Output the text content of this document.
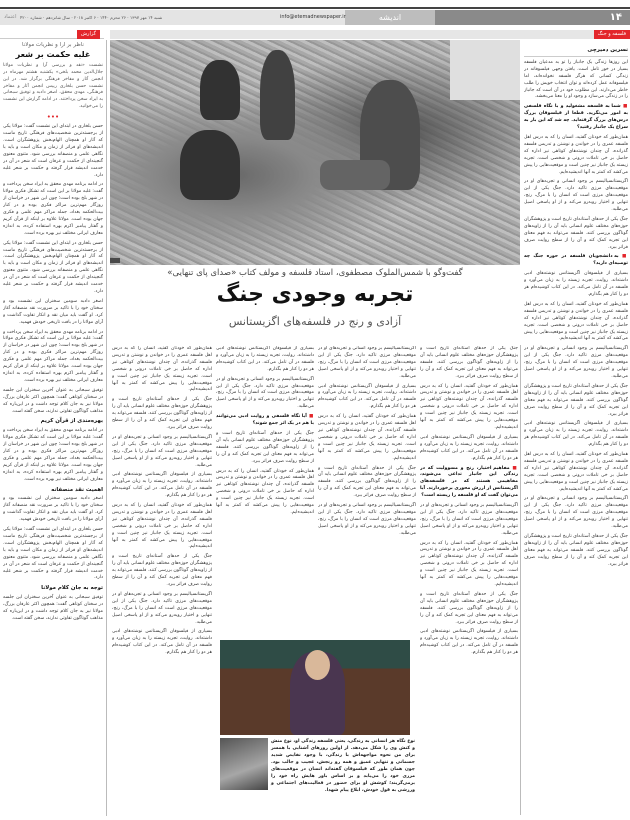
۱۴
اندیشه
info@etemadnewspaper.ir
شنبه ۱۴ مهر ۱۳۹۷ · ۲۶ محرم ۱۴۴۰ · ۶ اکتبر ۲۰۱۸ · سال شانزدهم · شماره ۴۲۰۰
اعتماد
فلسفه و جنگ
گزارش
گفت‌وگو با شمس‌الملوک مصطفوی، استاد فلسفه و مولف کتاب «صدای پای تنهایی»
تجربه وجودی جنگ
آزادی و رنج در فلسفه‌های اگزیستانس

نسرین دمیرچی

این روزها زندگی یک جانباز را تو به مدعیان فلسفه بسیار در خور تامل است. یافتن وجهی فیلسوفانه در زندگی کسانی که هرگز فلسفه نخوانده‌اند، اما فیلسوفانه عمل کرده‌اند و توان انتخاب خویش را طلب خاطر می‌دارند. این مطلوب خود در آن است که جانباز را در زندگی می‌سازد و وجود او را معنا می‌بخشد.

■ شما به فلسفه مشغولید و با نگاه فلسفی به امور می‌نگرید. قطعا از فیلسوفان بزرگ درس‌های بزرگ گرفته‌اید. چه شد که این بار به سراغ یک جانباز رفتید؟

همان‌طور که خودتان گفتید، انسان را که به درس اهل فلسفه عمری را در خواندن و نوشتن و تدریس فلسفه گذرانده، آن چندان نوشته‌های کوتاهی نیز اداره که حاصل بر خی تاملات درونی و شخصی است. تجربه زیسته یک جانباز نیز چنین است و موقعیت‌هایی را پیش می‌کشد که کمتر به آنها اندیشیده‌ایم.

اگزیستانسیالیسم بر وجود انسانی و تجربه‌های او در موقعیت‌های مرزی تاکید دارد. جنگ یکی از این موقعیت‌های مرزی است که انسان را با مرگ، رنج، تنهایی و اختیار روبه‌رو می‌کند و از او پاسخی اصیل می‌طلبد.

جنگ یکی از حدهای آستانه‌ای تاریخ است و پژوهشگران حوزه‌های مختلف علوم انسانی باید آن را از زاویه‌های گوناگون بررسی کنند. فلسفه می‌تواند به فهم معنای این تجربه کمک کند و آن را از سطح روایت صرف فراتر ببرد.

■ به دانشجویان فلسفه در حوزه جنگ چه توصیه‌ای دارید؟

بسیاری از فیلسوفان اگزیستانس نوشته‌های ادبی داشته‌اند. روایت، تجربه زیسته را به زبان می‌آورد و فلسفه در آن تامل می‌کند. در این کتاب کوشیده‌ام هر دو را کنار هم بگذارم.

همان‌طور که خودتان گفتید، انسان را که به درس اهل فلسفه عمری را در خواندن و نوشتن و تدریس فلسفه گذرانده، آن چندان نوشته‌های کوتاهی نیز اداره که حاصل بر خی تاملات درونی و شخصی است. تجربه زیسته یک جانباز نیز چنین است و موقعیت‌هایی را پیش می‌کشد که کمتر به آنها اندیشیده‌ایم.

اگزیستانسیالیسم بر وجود انسانی و تجربه‌های او در موقعیت‌های مرزی تاکید دارد. جنگ یکی از این موقعیت‌های مرزی است که انسان را با مرگ، رنج، تنهایی و اختیار روبه‌رو می‌کند و از او پاسخی اصیل می‌طلبد.

جنگ یکی از حدهای آستانه‌ای تاریخ است و پژوهشگران حوزه‌های مختلف علوم انسانی باید آن را از زاویه‌های گوناگون بررسی کنند. فلسفه می‌تواند به فهم معنای این تجربه کمک کند و آن را از سطح روایت صرف فراتر ببرد.

بسیاری از فیلسوفان اگزیستانس نوشته‌های ادبی داشته‌اند. روایت، تجربه زیسته را به زبان می‌آورد و فلسفه در آن تامل می‌کند. در این کتاب کوشیده‌ام هر دو را کنار هم بگذارم.

همان‌طور که خودتان گفتید، انسان را که به درس اهل فلسفه عمری را در خواندن و نوشتن و تدریس فلسفه گذرانده، آن چندان نوشته‌های کوتاهی نیز اداره که حاصل بر خی تاملات درونی و شخصی است. تجربه زیسته یک جانباز نیز چنین است و موقعیت‌هایی را پیش می‌کشد که کمتر به آنها اندیشیده‌ایم.

اگزیستانسیالیسم بر وجود انسانی و تجربه‌های او در موقعیت‌های مرزی تاکید دارد. جنگ یکی از این موقعیت‌های مرزی است که انسان را با مرگ، رنج، تنهایی و اختیار روبه‌رو می‌کند و از او پاسخی اصیل می‌طلبد.

جنگ یکی از حدهای آستانه‌ای تاریخ است و پژوهشگران حوزه‌های مختلف علوم انسانی باید آن را از زاویه‌های گوناگون بررسی کنند. فلسفه می‌تواند به فهم معنای این تجربه کمک کند و آن را از سطح روایت صرف فراتر ببرد.

جنگ یکی از حدهای آستانه‌ای تاریخ است و پژوهشگران حوزه‌های مختلف علوم انسانی باید آن را از زاویه‌های گوناگون بررسی کنند. فلسفه می‌تواند به فهم معنای این تجربه کمک کند و آن را از سطح روایت صرف فراتر ببرد.

همان‌طور که خودتان گفتید، انسان را که به درس اهل فلسفه عمری را در خواندن و نوشتن و تدریس فلسفه گذرانده، آن چندان نوشته‌های کوتاهی نیز اداره که حاصل بر خی تاملات درونی و شخصی است. تجربه زیسته یک جانباز نیز چنین است و موقعیت‌هایی را پیش می‌کشد که کمتر به آنها اندیشیده‌ایم.

بسیاری از فیلسوفان اگزیستانس نوشته‌های ادبی داشته‌اند. روایت، تجربه زیسته را به زبان می‌آورد و فلسفه در آن تامل می‌کند. در این کتاب کوشیده‌ام هر دو را کنار هم بگذارم.

■ مفاهیم اختیار، رنج و مسوولیت که در زندگی این جانباز تداعی می‌شوند، مفاهیمی هستند که در فلسفه‌های اگزیستانس از ارزش محوری برخوردارند. آیا می‌توان گفت که او فلسفه را زیسته است؟

اگزیستانسیالیسم بر وجود انسانی و تجربه‌های او در موقعیت‌های مرزی تاکید دارد. جنگ یکی از این موقعیت‌های مرزی است که انسان را با مرگ، رنج، تنهایی و اختیار روبه‌رو می‌کند و از او پاسخی اصیل می‌طلبد.

همان‌طور که خودتان گفتید، انسان را که به درس اهل فلسفه عمری را در خواندن و نوشتن و تدریس فلسفه گذرانده، آن چندان نوشته‌های کوتاهی نیز اداره که حاصل بر خی تاملات درونی و شخصی است. تجربه زیسته یک جانباز نیز چنین است و موقعیت‌هایی را پیش می‌کشد که کمتر به آنها اندیشیده‌ایم.

جنگ یکی از حدهای آستانه‌ای تاریخ است و پژوهشگران حوزه‌های مختلف علوم انسانی باید آن را از زاویه‌های گوناگون بررسی کنند. فلسفه می‌تواند به فهم معنای این تجربه کمک کند و آن را از سطح روایت صرف فراتر ببرد.

بسیاری از فیلسوفان اگزیستانس نوشته‌های ادبی داشته‌اند. روایت، تجربه زیسته را به زبان می‌آورد و فلسفه در آن تامل می‌کند. در این کتاب کوشیده‌ام هر دو را کنار هم بگذارم.

اگزیستانسیالیسم بر وجود انسانی و تجربه‌های او در موقعیت‌های مرزی تاکید دارد. جنگ یکی از این موقعیت‌های مرزی است که انسان را با مرگ، رنج، تنهایی و اختیار روبه‌رو می‌کند و از او پاسخی اصیل می‌طلبد.

بسیاری از فیلسوفان اگزیستانس نوشته‌های ادبی داشته‌اند. روایت، تجربه زیسته را به زبان می‌آورد و فلسفه در آن تامل می‌کند. در این کتاب کوشیده‌ام هر دو را کنار هم بگذارم.

همان‌طور که خودتان گفتید، انسان را که به درس اهل فلسفه عمری را در خواندن و نوشتن و تدریس فلسفه گذرانده، آن چندان نوشته‌های کوتاهی نیز اداره که حاصل بر خی تاملات درونی و شخصی است. تجربه زیسته یک جانباز نیز چنین است و موقعیت‌هایی را پیش می‌کشد که کمتر به آنها اندیشیده‌ایم.

جنگ یکی از حدهای آستانه‌ای تاریخ است و پژوهشگران حوزه‌های مختلف علوم انسانی باید آن را از زاویه‌های گوناگون بررسی کنند. فلسفه می‌تواند به فهم معنای این تجربه کمک کند و آن را از سطح روایت صرف فراتر ببرد.

اگزیستانسیالیسم بر وجود انسانی و تجربه‌های او در موقعیت‌های مرزی تاکید دارد. جنگ یکی از این موقعیت‌های مرزی است که انسان را با مرگ، رنج، تنهایی و اختیار روبه‌رو می‌کند و از او پاسخی اصیل می‌طلبد.

بسیاری از فیلسوفان اگزیستانس نوشته‌های ادبی داشته‌اند. روایت، تجربه زیسته را به زبان می‌آورد و فلسفه در آن تامل می‌کند. در این کتاب کوشیده‌ام هر دو را کنار هم بگذارم.

اگزیستانسیالیسم بر وجود انسانی و تجربه‌های او در موقعیت‌های مرزی تاکید دارد. جنگ یکی از این موقعیت‌های مرزی است که انسان را با مرگ، رنج، تنهایی و اختیار روبه‌رو می‌کند و از او پاسخی اصیل می‌طلبد.

■ آیا نگاه فلسفی و روایت ادبی می‌توانند با هم در یک اثر جمع شوند؟

جنگ یکی از حدهای آستانه‌ای تاریخ است و پژوهشگران حوزه‌های مختلف علوم انسانی باید آن را از زاویه‌های گوناگون بررسی کنند. فلسفه می‌تواند به فهم معنای این تجربه کمک کند و آن را از سطح روایت صرف فراتر ببرد.

همان‌طور که خودتان گفتید، انسان را که به درس اهل فلسفه عمری را در خواندن و نوشتن و تدریس فلسفه گذرانده، آن چندان نوشته‌های کوتاهی نیز اداره که حاصل بر خی تاملات درونی و شخصی است. تجربه زیسته یک جانباز نیز چنین است و موقعیت‌هایی را پیش می‌کشد که کمتر به آنها اندیشیده‌ایم.

همان‌طور که خودتان گفتید، انسان را که به درس اهل فلسفه عمری را در خواندن و نوشتن و تدریس فلسفه گذرانده، آن چندان نوشته‌های کوتاهی نیز اداره که حاصل بر خی تاملات درونی و شخصی است. تجربه زیسته یک جانباز نیز چنین است و موقعیت‌هایی را پیش می‌کشد که کمتر به آنها اندیشیده‌ایم.

جنگ یکی از حدهای آستانه‌ای تاریخ است و پژوهشگران حوزه‌های مختلف علوم انسانی باید آن را از زاویه‌های گوناگون بررسی کنند. فلسفه می‌تواند به فهم معنای این تجربه کمک کند و آن را از سطح روایت صرف فراتر ببرد.

اگزیستانسیالیسم بر وجود انسانی و تجربه‌های او در موقعیت‌های مرزی تاکید دارد. جنگ یکی از این موقعیت‌های مرزی است که انسان را با مرگ، رنج، تنهایی و اختیار روبه‌رو می‌کند و از او پاسخی اصیل می‌طلبد.

بسیاری از فیلسوفان اگزیستانس نوشته‌های ادبی داشته‌اند. روایت، تجربه زیسته را به زبان می‌آورد و فلسفه در آن تامل می‌کند. در این کتاب کوشیده‌ام هر دو را کنار هم بگذارم.

همان‌طور که خودتان گفتید، انسان را که به درس اهل فلسفه عمری را در خواندن و نوشتن و تدریس فلسفه گذرانده، آن چندان نوشته‌های کوتاهی نیز اداره که حاصل بر خی تاملات درونی و شخصی است. تجربه زیسته یک جانباز نیز چنین است و موقعیت‌هایی را پیش می‌کشد که کمتر به آنها اندیشیده‌ایم.

جنگ یکی از حدهای آستانه‌ای تاریخ است و پژوهشگران حوزه‌های مختلف علوم انسانی باید آن را از زاویه‌های گوناگون بررسی کنند. فلسفه می‌تواند به فهم معنای این تجربه کمک کند و آن را از سطح روایت صرف فراتر ببرد.

اگزیستانسیالیسم بر وجود انسانی و تجربه‌های او در موقعیت‌های مرزی تاکید دارد. جنگ یکی از این موقعیت‌های مرزی است که انسان را با مرگ، رنج، تنهایی و اختیار روبه‌رو می‌کند و از او پاسخی اصیل می‌طلبد.

بسیاری از فیلسوفان اگزیستانس نوشته‌های ادبی داشته‌اند. روایت، تجربه زیسته را به زبان می‌آورد و فلسفه در آن تامل می‌کند. در این کتاب کوشیده‌ام هر دو را کنار هم بگذارم.

نوع نگاه هر انسانی به زندگی، یعنی فلسفه زندگی او، نوع منش و کنش وی را شکل می‌دهد. از اولین روزهای آشنایی با همسر برای من نحوه مواجهه‌اش با زندگی، با وجود نقایص شدید جسمانی و تنهایی عمیق و همه رو رنجش، عجیب و جالب بود. چون همان طور که فیلسوفان گفته‌اند انسان در موقعیت‌های مرزی خود را می‌یابد و بر اساس باور هایش راه خود را برمی‌گزیند؛ کوشش او برای حضور در فعالیت‌های اجتماعی و ورزشی به قول خودش، ابلاغ پیام شهدا.

ناظر بر آرا و نظریات مولانا

غلبه حکمت بر شعر

نشست «نقد و بررسی آرا و نظریات مولانا جلال‌الدین محمد بلخی» یکشنبه هشتم مهرماه در انجمن آثار و مفاخر فرهنگی برگزار شد. در این نشست حسن بلخاری رییس انجمن آثار و مفاخر فرهنگی، مهدی محقق، اصغر دادبه و توفیق سبحانی به ایراد سخن پرداختند. در ادامه گزارش این نشست را می‌خوانید.

•••

حسن بلخاری در ابتدای این نشست گفت: مولانا یکی از برجسته‌ترین شخصیت‌های فرهنگی تاریخ ماست که آثار او همچنان الهام‌بخش پژوهشگران است. اندیشه‌های او فراتر از زمان و مکان است و باید با نگاهی علمی و منصفانه بررسی شود. مثنوی معنوی گنجینه‌ای از حکمت و عرفان است که شعر در آن در خدمت اندیشه قرار گرفته و حکمت بر شعر غلبه دارد.

در ادامه برنامه مهدی محقق به ایراد سخن پرداخت و گفت: غلبه مولانا بر این است که تشکل فکری مولانا در شهر بلخ بوده است؛ چون این شهر در خراسان از روزگار مهم‌ترین مراکز فکری بوده و در کنار بیت‌الحکمه بغداد، جمله مراکز مهم علمی و فکری جهان بوده است. مولانا علاوه بر اینکه از قرآن کریم و گفتار پیامبر اکرم بهره استفاده کرده، به اندازه معارف ایرانی مختلف نیز بهره برده است.

حسن بلخاری در ابتدای این نشست گفت: مولانا یکی از برجسته‌ترین شخصیت‌های فرهنگی تاریخ ماست که آثار او همچنان الهام‌بخش پژوهشگران است. اندیشه‌های او فراتر از زمان و مکان است و باید با نگاهی علمی و منصفانه بررسی شود. مثنوی معنوی گنجینه‌ای از حکمت و عرفان است که شعر در آن در خدمت اندیشه قرار گرفته و حکمت بر شعر غلبه دارد.

اصغر دادبه سومین سخنران این نشست بود و سخنان خود را با تاکید بر ضرورت نقد منصفانه آغاز کرد. او گفت باید میان نقد و انکار تفاوت گذاشت و آرای مولانا را در بافت تاریخی خودش فهمید.

در ادامه برنامه مهدی محقق به ایراد سخن پرداخت و گفت: غلبه مولانا بر این است که تشکل فکری مولانا در شهر بلخ بوده است؛ چون این شهر در خراسان از روزگار مهم‌ترین مراکز فکری بوده و در کنار بیت‌الحکمه بغداد، جمله مراکز مهم علمی و فکری جهان بوده است. مولانا علاوه بر اینکه از قرآن کریم و گفتار پیامبر اکرم بهره استفاده کرده، به اندازه معارف ایرانی مختلف نیز بهره برده است.

توفیق سبحانی به عنوان آخرین سخنران این جلسه در سخنان کوتاهی گفت: همچون اکثر عارفان بزرگ، مولانا نیز به جان کلام توجه داشت و در این‌باره که مذاهب گوناگون تفاوتی ندارند، سخن گفته است.

بهره‌مندی از قرآن کریم

در ادامه برنامه مهدی محقق به ایراد سخن پرداخت و گفت: غلبه مولانا بر این است که تشکل فکری مولانا در شهر بلخ بوده است؛ چون این شهر در خراسان از روزگار مهم‌ترین مراکز فکری بوده و در کنار بیت‌الحکمه بغداد، جمله مراکز مهم علمی و فکری جهان بوده است. مولانا علاوه بر اینکه از قرآن کریم و گفتار پیامبر اکرم بهره استفاده کرده، به اندازه معارف ایرانی مختلف نیز بهره برده است.

اهمیت نقد منصفانه

اصغر دادبه سومین سخنران این نشست بود و سخنان خود را با تاکید بر ضرورت نقد منصفانه آغاز کرد. او گفت باید میان نقد و انکار تفاوت گذاشت و آرای مولانا را در بافت تاریخی خودش فهمید.

حسن بلخاری در ابتدای این نشست گفت: مولانا یکی از برجسته‌ترین شخصیت‌های فرهنگی تاریخ ماست که آثار او همچنان الهام‌بخش پژوهشگران است. اندیشه‌های او فراتر از زمان و مکان است و باید با نگاهی علمی و منصفانه بررسی شود. مثنوی معنوی گنجینه‌ای از حکمت و عرفان است که شعر در آن در خدمت اندیشه قرار گرفته و حکمت بر شعر غلبه دارد.

توجه به جان کلام مولانا

توفیق سبحانی به عنوان آخرین سخنران این جلسه در سخنان کوتاهی گفت: همچون اکثر عارفان بزرگ، مولانا نیز به جان کلام توجه داشت و در این‌باره که مذاهب گوناگون تفاوتی ندارند، سخن گفته است.
